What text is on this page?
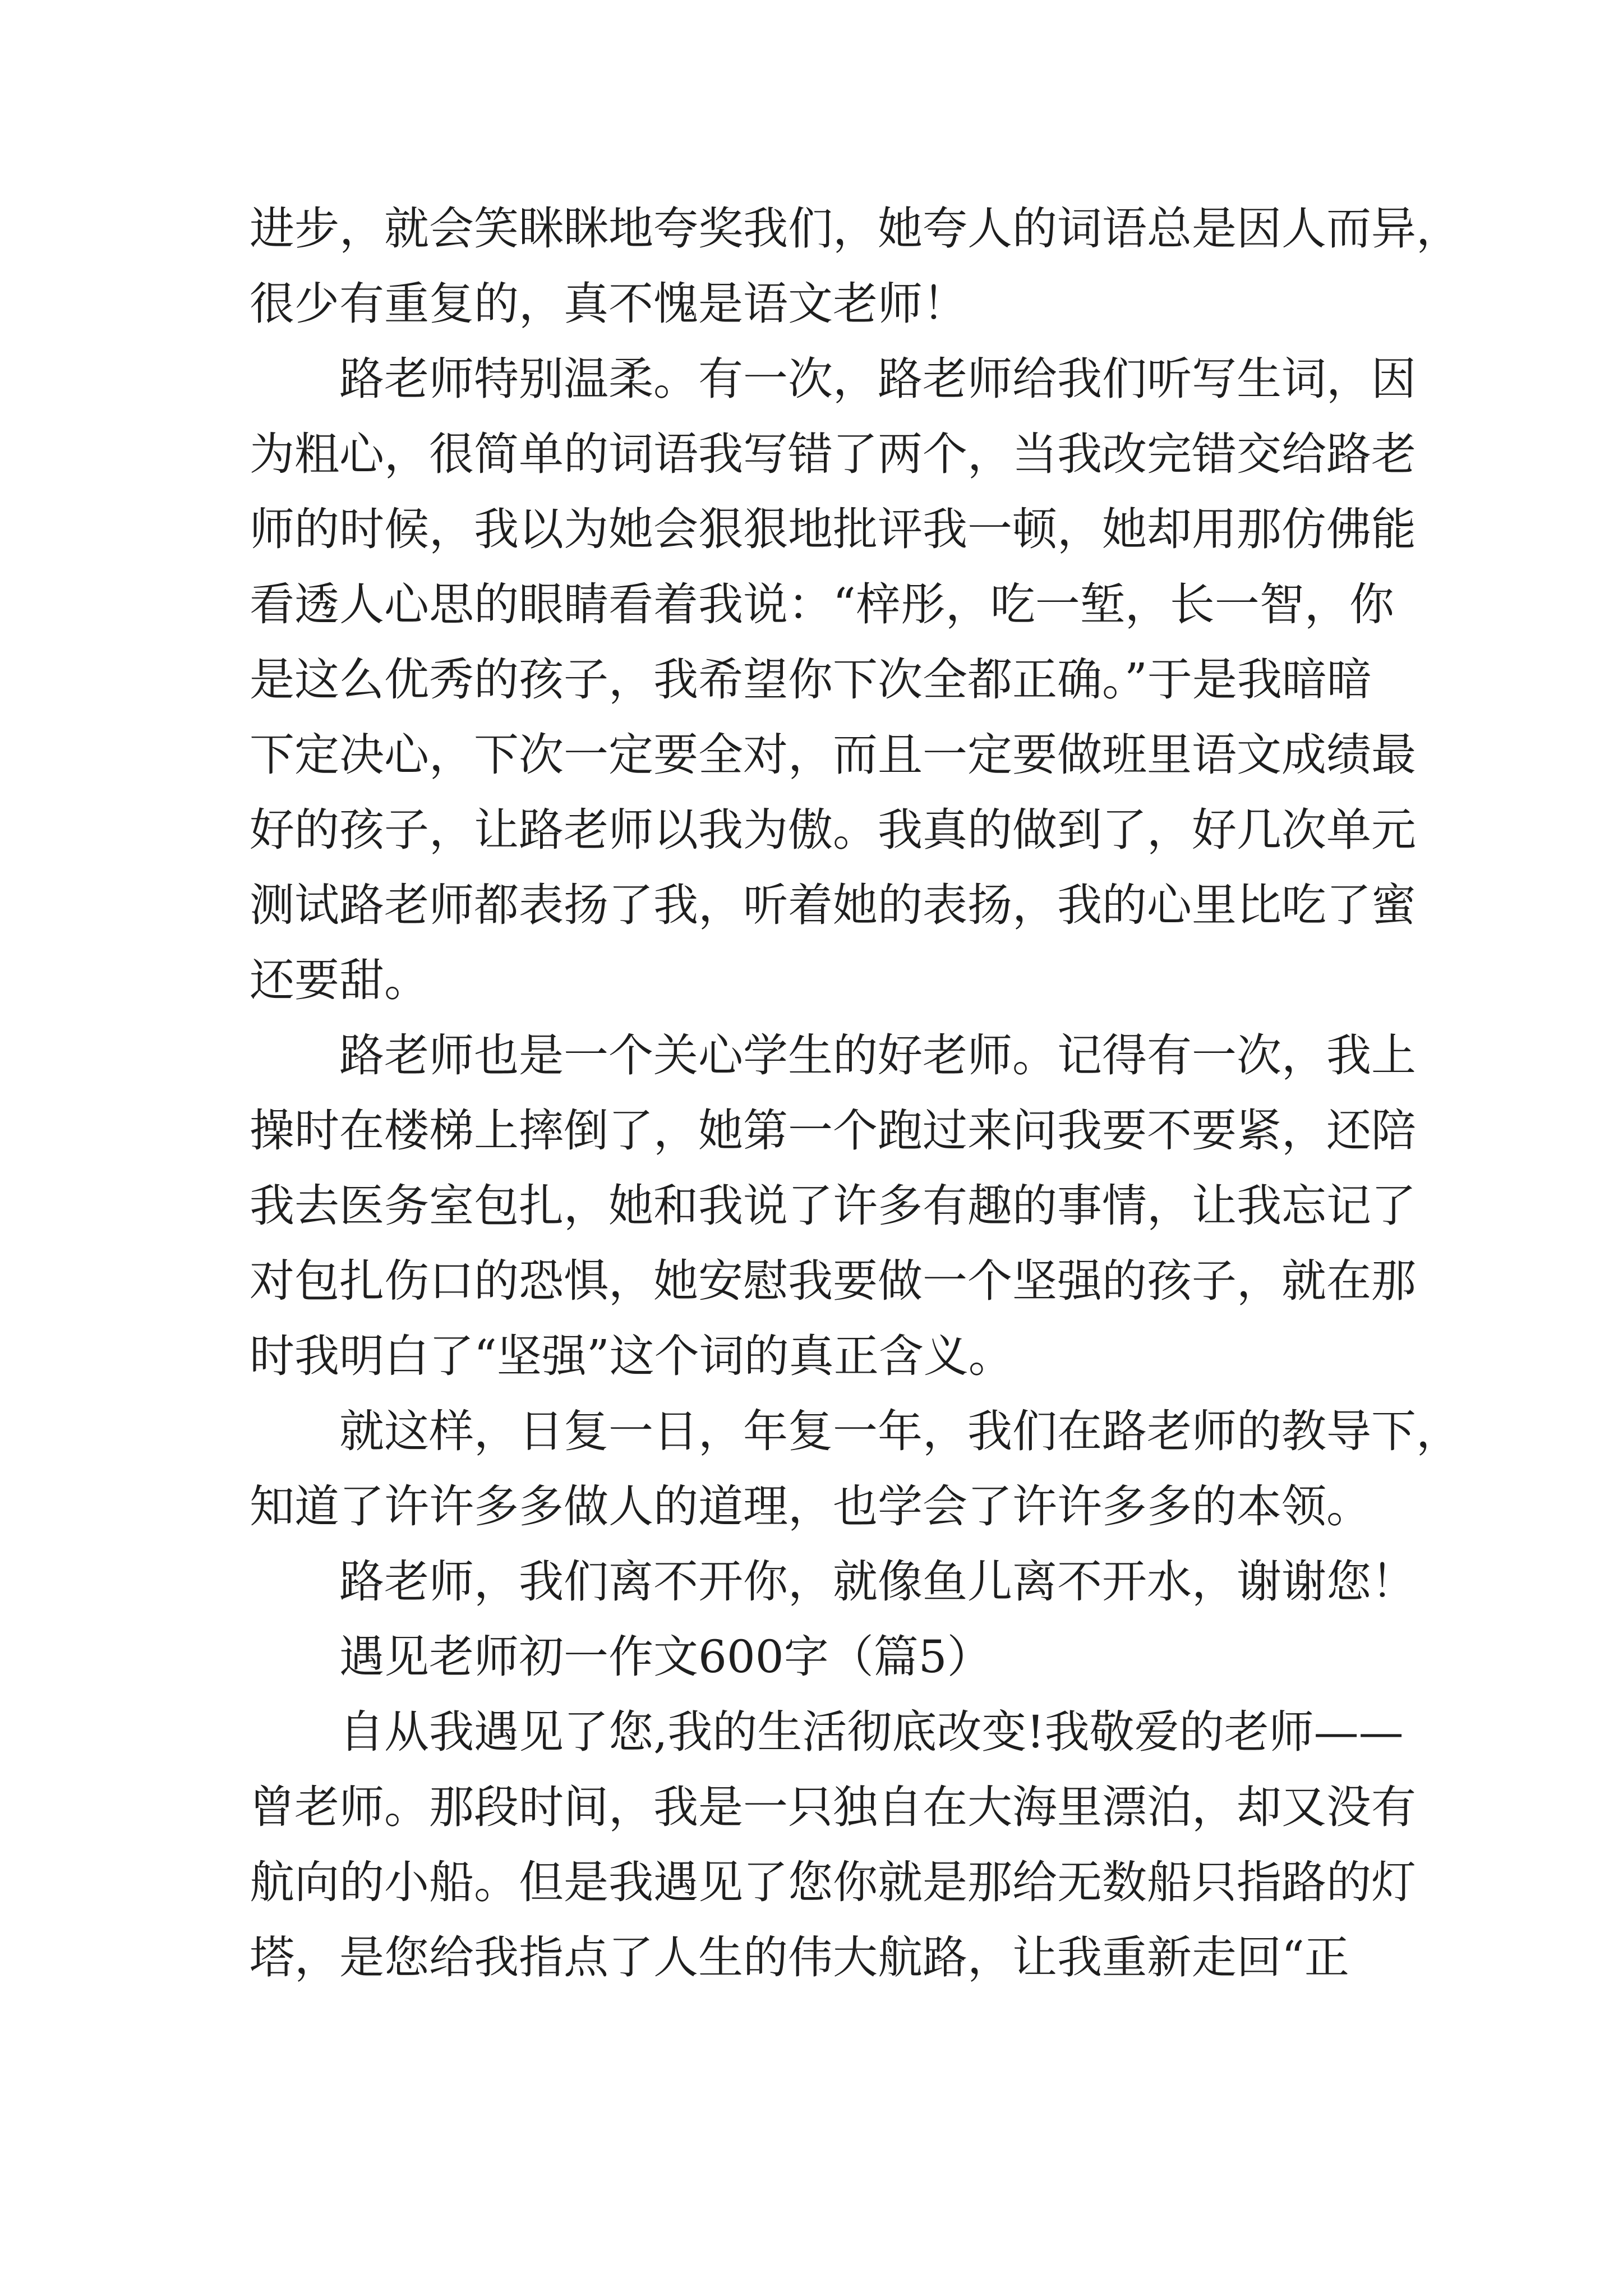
进步，就会笑眯眯地夸奖我们，她夸人的词语总是因人而异，
很少有重复的，真不愧是语文老师！
路老师特别温柔。有一次，路老师给我们听写生词，因
为粗心，很简单的词语我写错了两个，当我改完错交给路老
师的时候，我以为她会狠狠地批评我一顿，她却用那仿佛能
看透人心思的眼睛看着我说：“梓彤，吃一堑，长一智，你
是这么优秀的孩子，我希望你下次全都正确。”于是我暗暗
下定决心，下次一定要全对，而且一定要做班里语文成绩最
好的孩子，让路老师以我为傲。我真的做到了，好几次单元
测试路老师都表扬了我，听着她的表扬，我的心里比吃了蜜
还要甜。
路老师也是一个关心学生的好老师。记得有一次，我上
操时在楼梯上摔倒了，她第一个跑过来问我要不要紧，还陪
我去医务室包扎，她和我说了许多有趣的事情，让我忘记了
对包扎伤口的恐惧，她安慰我要做一个坚强的孩子，就在那
时我明白了“坚强”这个词的真正含义。
就这样，日复一日，年复一年，我们在路老师的教导下，
知道了许许多多做人的道理，也学会了许许多多的本领。
路老师，我们离不开你，就像鱼儿离不开水，谢谢您！
遇见老师初一作文600字（篇5）
自从我遇见了您,我的生活彻底改变!我敬爱的老师——
曾老师。那段时间，我是一只独自在大海里漂泊，却又没有
航向的小船。但是我遇见了您你就是那给无数船只指路的灯
塔，是您给我指点了人生的伟大航路，让我重新走回“正
